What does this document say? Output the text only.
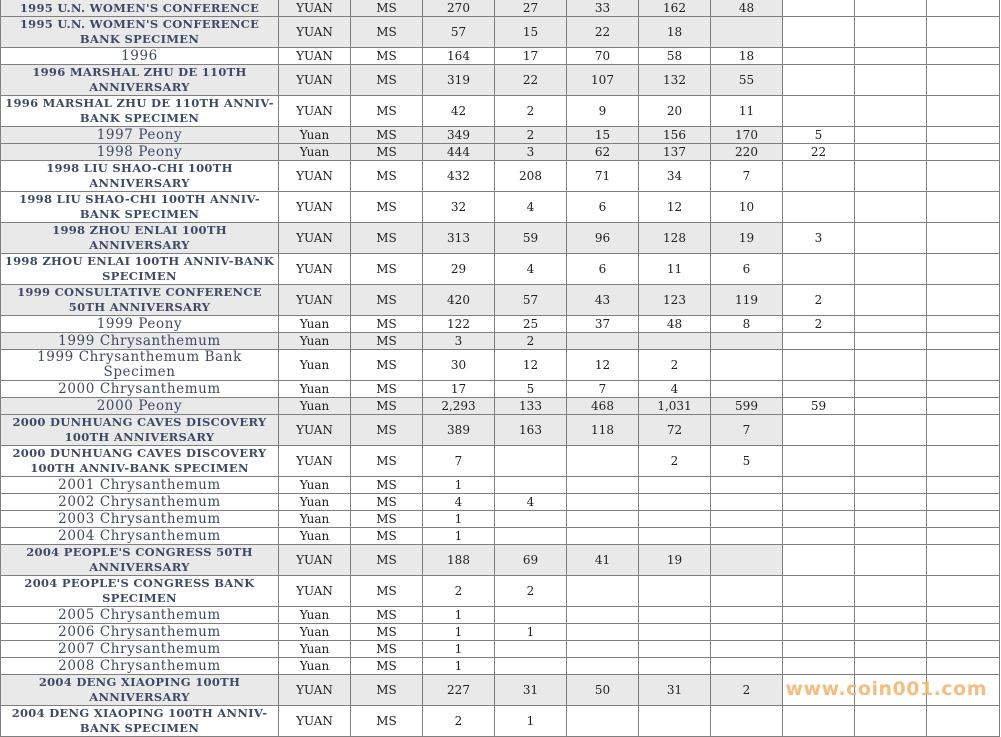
1995 U.N. WOMEN'S CONFERENCE	YUAN	MS	270	27	33	162	48			
1995 U.N. WOMEN'S CONFERENCE BANK SPECIMEN	YUAN	MS	57	15	22	18				
1996	YUAN	MS	164	17	70	58	18			
1996 MARSHAL ZHU DE 110TH ANNIVERSARY	YUAN	MS	319	22	107	132	55			
1996 MARSHAL ZHU DE 110TH ANNIV-BANK SPECIMEN	YUAN	MS	42	2	9	20	11			
1997 Peony	Yuan	MS	349	2	15	156	170	5		
1998 Peony	Yuan	MS	444	3	62	137	220	22		
1998 LIU SHAO-CHI 100TH ANNIVERSARY	YUAN	MS	432	208	71	34	7			
1998 LIU SHAO-CHI 100TH ANNIV-BANK SPECIMEN	YUAN	MS	32	4	6	12	10			
1998 ZHOU ENLAI 100TH ANNIVERSARY	YUAN	MS	313	59	96	128	19	3		
1998 ZHOU ENLAI 100TH ANNIV-BANK SPECIMEN	YUAN	MS	29	4	6	11	6			
1999 CONSULTATIVE CONFERENCE 50TH ANNIVERSARY	YUAN	MS	420	57	43	123	119	2		
1999 Peony	Yuan	MS	122	25	37	48	8	2		
1999 Chrysanthemum	Yuan	MS	3	2						
1999 Chrysanthemum Bank Specimen	Yuan	MS	30	12	12	2				
2000 Chrysanthemum	Yuan	MS	17	5	7	4				
2000 Peony	Yuan	MS	2,293	133	468	1,031	599	59		
2000 DUNHUANG CAVES DISCOVERY 100TH ANNIVERSARY	YUAN	MS	389	163	118	72	7			
2000 DUNHUANG CAVES DISCOVERY 100TH ANNIV-BANK SPECIMEN	YUAN	MS	7			2	5			
2001 Chrysanthemum	Yuan	MS	1							
2002 Chrysanthemum	Yuan	MS	4	4						
2003 Chrysanthemum	Yuan	MS	1							
2004 Chrysanthemum	Yuan	MS	1							
2004 PEOPLE'S CONGRESS 50TH ANNIVERSARY	YUAN	MS	188	69	41	19				
2004 PEOPLE'S CONGRESS BANK SPECIMEN	YUAN	MS	2	2						
2005 Chrysanthemum	Yuan	MS	1							
2006 Chrysanthemum	Yuan	MS	1	1						
2007 Chrysanthemum	Yuan	MS	1							
2008 Chrysanthemum	Yuan	MS	1							
2004 DENG XIAOPING 100TH ANNIVERSARY	YUAN	MS	227	31	50	31	2			
2004 DENG XIAOPING 100TH ANNIV-BANK SPECIMEN	YUAN	MS	2	1						
www.coin001.com
